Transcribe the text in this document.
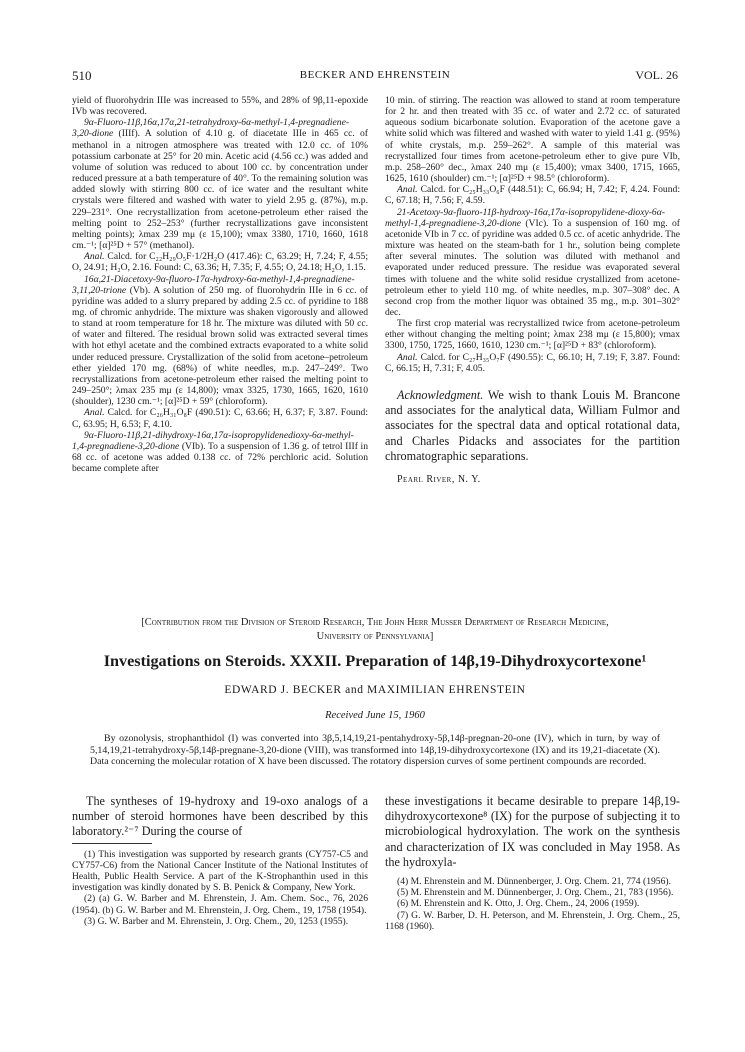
510	BECKER AND EHRENSTEIN	VOL. 26

yield of fluorohydrin IIIe was increased to 55%, and 28% of 9β,11-epoxide IVb was recovered.

9α-Fluoro-11β,16α,17α,21-tetrahydroxy-6α-methyl-1,4-pregnadiene-3,20-dione (IIIf). A solution of 4.10 g. of diacetate IIIe in 465 cc. of methanol in a nitrogen atmosphere was treated with 12.0 cc. of 10% potassium carbonate at 25° for 20 min. Acetic acid (4.56 cc.) was added and volume of solution was reduced to about 100 cc. by concentration under reduced pressure at a bath temperature of 40°. To the remaining solution was added slowly with stirring 800 cc. of ice water and the resultant white crystals were filtered and washed with water to yield 2.95 g. (87%), m.p. 229–231°. One recrystallization from acetone-petroleum ether raised the melting point to 252–253° (further recrystallizations gave inconsistent melting points); λmax 239 mμ (ε 15,100); νmax 3380, 1710, 1660, 1618 cm.⁻¹; [α]²⁵D + 57° (methanol).

Anal. Calcd. for C₂₂H₂₉O₅F·1/2H₂O (417.46): C, 63.29; H, 7.24; F, 4.55; O, 24.91; H₂O, 2.16. Found: C, 63.36; H, 7.35; F, 4.55; O, 24.18; H₂O, 1.15.

16α,21-Diacetoxy-9α-fluoro-17α-hydroxy-6α-methyl-1,4-pregnadiene-3,11,20-trione (Vb). A solution of 250 mg. of fluorohydrin IIIe in 6 cc. of pyridine was added to a slurry prepared by adding 2.5 cc. of pyridine to 188 mg. of chromic anhydride. The mixture was shaken vigorously and allowed to stand at room temperature for 18 hr. The mixture was diluted with 50 cc. of water and filtered. The residual brown solid was extracted several times with hot ethyl acetate and the combined extracts evaporated to a white solid under reduced pressure. Crystallization of the solid from acetone–petroleum ether yielded 170 mg. (68%) of white needles, m.p. 247–249°. Two recrystallizations from acetone-petroleum ether raised the melting point to 249–250°; λmax 235 mμ (ε 14,800); νmax 3325, 1730, 1665, 1620, 1610 (shoulder), 1230 cm.⁻¹; [α]²⁵D + 59° (chloroform).

Anal. Calcd. for C₂₆H₃₁O₈F (490.51): C, 63.66; H, 6.37; F, 3.87. Found: C, 63.95; H, 6.53; F, 4.10.

9α-Fluoro-11β,21-dihydroxy-16α,17α-isopropylidenedioxy-6α-methyl-1,4-pregnadiene-3,20-dione (VIb). To a suspension of 1.36 g. of tetrol IIIf in 68 cc. of acetone was added 0.138 cc. of 72% perchloric acid. Solution became complete after

10 min. of stirring. The reaction was allowed to stand at room temperature for 2 hr. and then treated with 35 cc. of water and 2.72 cc. of saturated aqueous sodium bicarbonate solution. Evaporation of the acetone gave a white solid which was filtered and washed with water to yield 1.41 g. (95%) of white crystals, m.p. 259–262°. A sample of this material was recrystallized four times from acetone-petroleum ether to give pure VIb, m.p. 258–260° dec., λmax 240 mμ (ε 15,400); νmax 3400, 1715, 1665, 1625, 1610 (shoulder) cm.⁻¹; [α]²⁵D + 98.5° (chloroform).

Anal. Calcd. for C₂₅H₃₃O₆F (448.51): C, 66.94; H, 7.42; F, 4.24. Found: C, 67.18; H, 7.56; F, 4.59.

21-Acetoxy-9α-fluoro-11β-hydroxy-16α,17α-isopropylidene-dioxy-6α-methyl-1,4-pregnadiene-3,20-dione (VIc). To a suspension of 160 mg. of acetonide VIb in 7 cc. of pyridine was added 0.5 cc. of acetic anhydride. The mixture was heated on the steam-bath for 1 hr., solution being complete after several minutes. The solution was diluted with methanol and evaporated under reduced pressure. The residue was evaporated several times with toluene and the white solid residue crystallized from acetone-petroleum ether to yield 110 mg. of white needles, m.p. 307–308° dec. A second crop from the mother liquor was obtained 35 mg., m.p. 301–302° dec.

The first crop material was recrystallized twice from acetone-petroleum ether without changing the melting point; λmax 238 mμ (ε 15,800); νmax 3300, 1750, 1725, 1660, 1610, 1230 cm.⁻¹; [α]²⁵D + 83° (chloroform).

Anal. Calcd. for C₂₇H₃₅O₇F (490.55): C, 66.10; H, 7.19; F, 3.87. Found: C, 66.15; H, 7.31; F, 4.05.

Acknowledgment. We wish to thank Louis M. Brancone and associates for the analytical data, William Fulmor and associates for the spectral data and optical rotational data, and Charles Pidacks and associates for the partition chromatographic separations.

Pearl River, N. Y.

[Contribution from the Division of Steroid Research, The John Herr Musser Department of Research Medicine,
University of Pennsylvania]
Investigations on Steroids. XXXII. Preparation of 14β,19-Dihydroxycortexone¹
EDWARD J. BECKER and MAXIMILIAN EHRENSTEIN
Received June 15, 1960

By ozonolysis, strophanthidol (I) was converted into 3β,5,14,19,21-pentahydroxy-5β,14β-pregnan-20-one (IV), which in turn, by way of 5,14,19,21-tetrahydroxy-5β,14β-pregnane-3,20-dione (VIII), was transformed into 14β,19-dihydroxycortexone (IX) and its 19,21-diacetate (X). Data concerning the molecular rotation of X have been discussed. The rotatory dispersion curves of some pertinent compounds are recorded.

The syntheses of 19-hydroxy and 19-oxo analogs of a number of steroid hormones have been described by this laboratory.²⁻⁷ During the course of

(1) This investigation was supported by research grants (CY757-C5 and CY757-C6) from the National Cancer Institute of the National Institutes of Health, Public Health Service. A part of the K-Strophanthin used in this investigation was kindly donated by S. B. Penick & Company, New York.

(2) (a) G. W. Barber and M. Ehrenstein, J. Am. Chem. Soc., 76, 2026 (1954). (b) G. W. Barber and M. Ehrenstein, J. Org. Chem., 19, 1758 (1954).

(3) G. W. Barber and M. Ehrenstein, J. Org. Chem., 20, 1253 (1955).

these investigations it became desirable to prepare 14β,19-dihydroxycortexone⁸ (IX) for the purpose of subjecting it to microbiological hydroxylation. The work on the synthesis and characterization of IX was concluded in May 1958. As the hydroxyla-

(4) M. Ehrenstein and M. Dünnenberger, J. Org. Chem. 21, 774 (1956).

(5) M. Ehrenstein and M. Dünnenberger, J. Org. Chem., 21, 783 (1956).

(6) M. Ehrenstein and K. Otto, J. Org. Chem., 24, 2006 (1959).

(7) G. W. Barber, D. H. Peterson, and M. Ehrenstein, J. Org. Chem., 25, 1168 (1960).
